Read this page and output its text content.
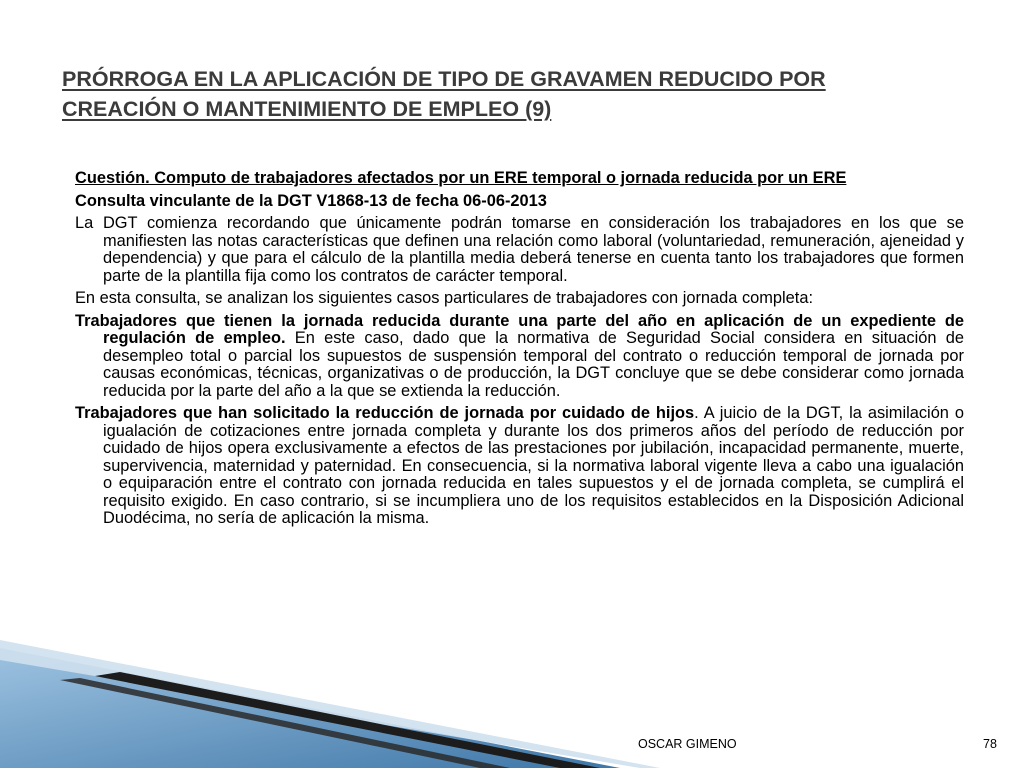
PRÓRROGA EN LA APLICACIÓN DE TIPO DE GRAVAMEN REDUCIDO POR
CREACIÓN O MANTENIMIENTO DE EMPLEO (9)

Cuestión. Computo de trabajadores afectados por un ERE temporal o jornada reducida por un ERE

Consulta vinculante de la DGT V1868-13 de fecha 06-06-2013

La DGT comienza recordando que únicamente podrán tomarse en consideración los trabajadores en los que se manifiesten las notas características que definen una relación como laboral (voluntariedad, remuneración, ajeneidad y dependencia) y que para el cálculo de la plantilla media deberá tenerse en cuenta tanto los trabajadores que formen parte de la plantilla fija como los contratos de carácter temporal.

En esta consulta, se analizan los siguientes casos particulares de trabajadores con jornada completa:

Trabajadores que tienen la jornada reducida durante una parte del año en aplicación de un expediente de regulación de empleo. En este caso, dado que la normativa de Seguridad Social considera en situación de desempleo total o parcial los supuestos de suspensión temporal del contrato o reducción temporal de jornada por causas económicas, técnicas, organizativas o de producción, la DGT concluye que se debe considerar como jornada reducida por la parte del año a la que se extienda la reducción.

Trabajadores que han solicitado la reducción de jornada por cuidado de hijos. A juicio de la DGT, la asimilación o igualación de cotizaciones entre jornada completa y durante los dos primeros años del período de reducción por cuidado de hijos opera exclusivamente a efectos de las prestaciones por jubilación, incapacidad permanente, muerte, supervivencia, maternidad y paternidad. En consecuencia, si la normativa laboral vigente lleva a cabo una igualación o equiparación entre el contrato con jornada reducida en tales supuestos y el de jornada completa, se cumplirá el requisito exigido. En caso contrario, si se incumpliera uno de los requisitos establecidos en la Disposición Adicional Duodécima, no sería de aplicación la misma.

OSCAR GIMENO	78
